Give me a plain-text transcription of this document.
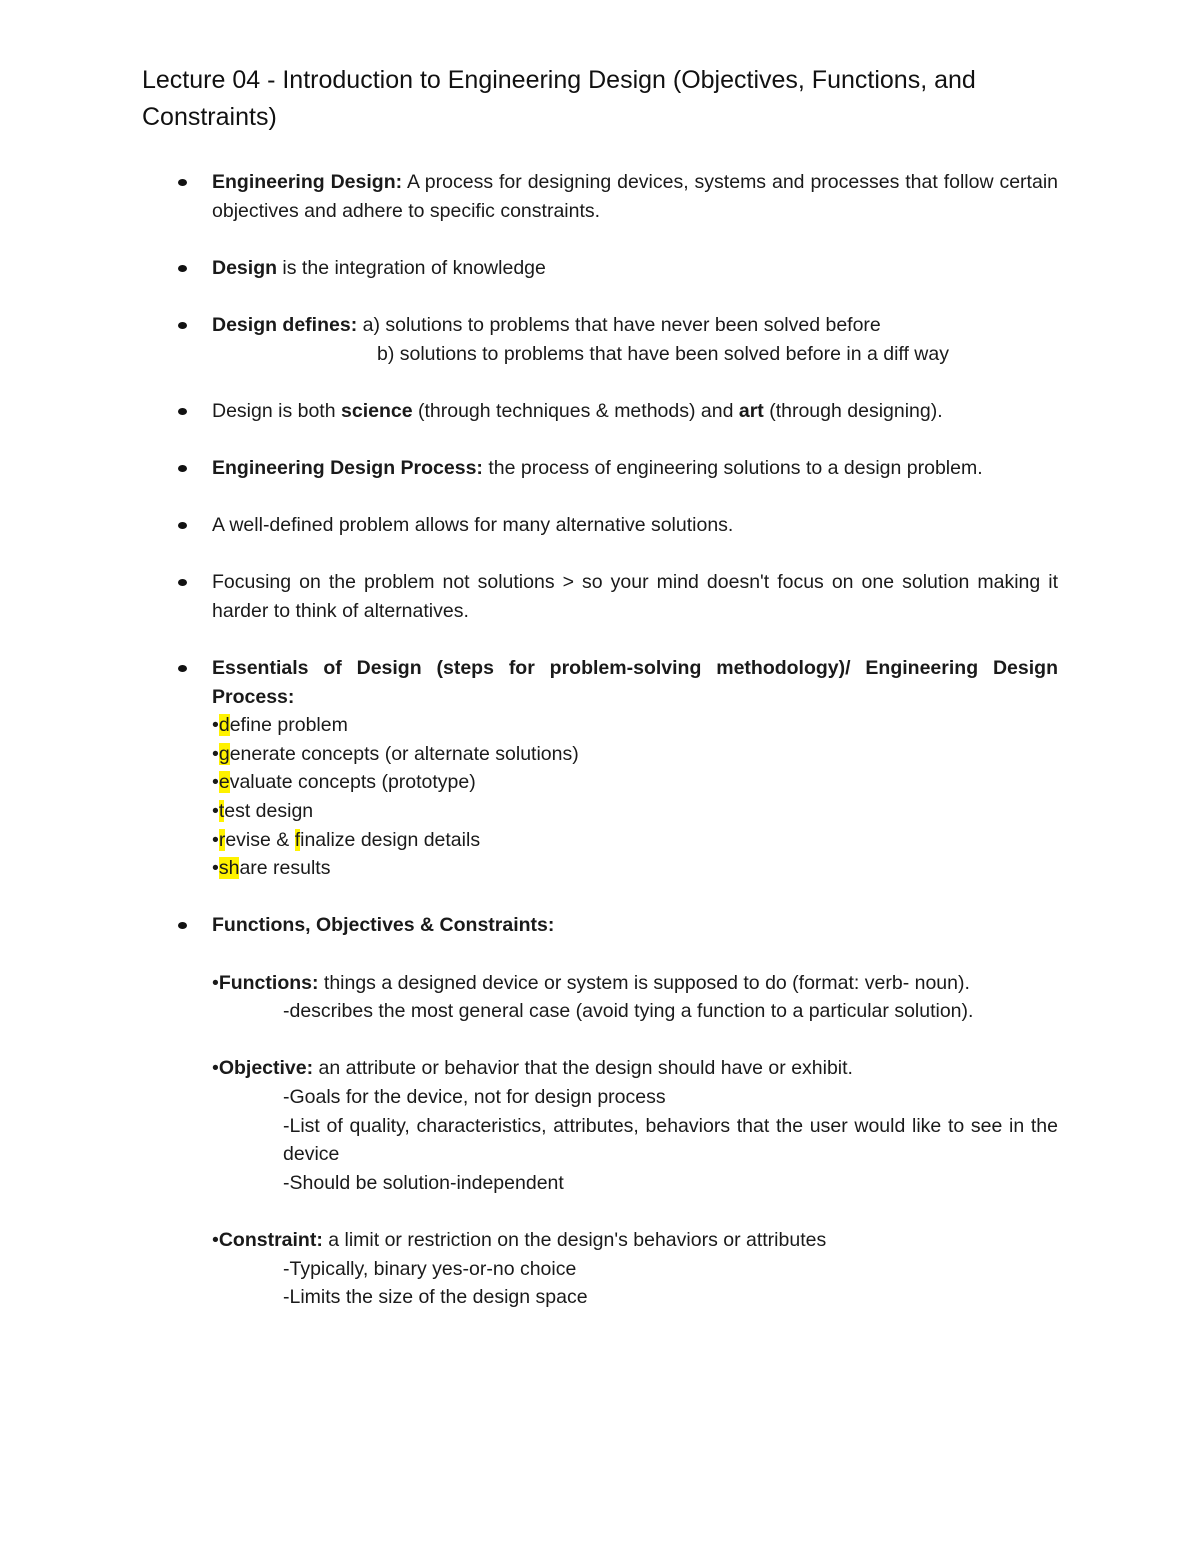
Lecture 04 - Introduction to Engineering Design (Objectives, Functions, and Constraints)
Engineering Design: A process for designing devices, systems and processes that follow certain objectives and adhere to specific constraints.
Design is the integration of knowledge
Design defines: a) solutions to problems that have never been solved before
b) solutions to problems that have been solved before in a diff way
Design is both science (through techniques & methods) and art (through designing).
Engineering Design Process: the process of engineering solutions to a design problem.
A well-defined problem allows for many alternative solutions.
Focusing on the problem not solutions > so your mind doesn't focus on one solution making it harder to think of alternatives.
Essentials of Design (steps for problem-solving methodology)/ Engineering Design Process:
•define problem
•generate concepts (or alternate solutions)
•evaluate concepts (prototype)
•test design
•revise & finalize design details
•share results
Functions, Objectives & Constraints:
•Functions: things a designed device or system is supposed to do (format: verb- noun).
-describes the most general case (avoid tying a function to a particular solution).
•Objective: an attribute or behavior that the design should have or exhibit.
-Goals for the device, not for design process
-List of quality, characteristics, attributes, behaviors that the user would like to see in the device
-Should be solution-independent
•Constraint: a limit or restriction on the design's behaviors or attributes
-Typically, binary yes-or-no choice
-Limits the size of the design space
